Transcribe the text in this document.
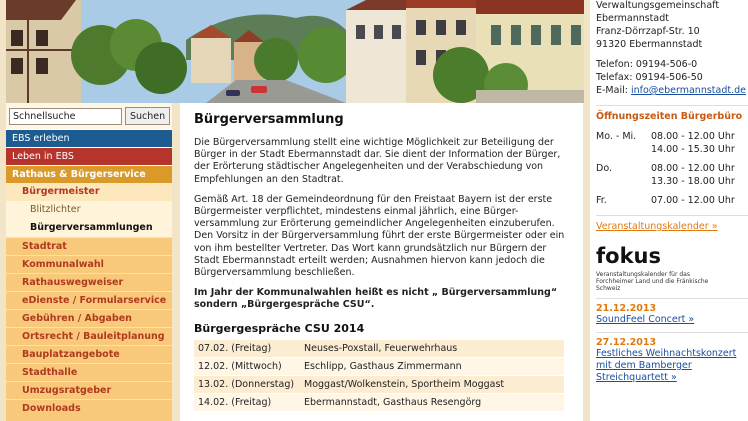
Schnellsuche
Suchen
EBS erleben
Leben in EBS
Rathaus & Bürgerservice
Bürgermeister
Blitzlichter
Bürgerversammlungen
Stadtrat
Kommunalwahl
Rathauswegweiser
eDienste / Formularservice
Gebühren / Abgaben
Ortsrecht / Bauleitplanung
Bauplatzangebote
Stadthalle
Umzugsratgeber
Downloads
Bürgerversammlung

Die Bürgerversammlung stellt eine wichtige Möglichkeit zur Beteiligung der Bürger in der Stadt Ebermannstadt dar. Sie dient der Information der Bürger, der Erörterung städtischer Angelegenheiten und der Verabschiedung von Empfehlungen an den Stadtrat.

Gemäß Art. 18 der Gemeindeordnung für den Freistaat Bayern ist der erste Bürgermeister verpflichtet, mindestens einmal jährlich, eine Bürger-versammlung zur Erörterung gemeindlicher Angelegenheiten einzuberufen. Den Vorsitz in der Bürgerversammlung führt der erste Bürgermeister oder ein von ihm bestellter Vertreter. Das Wort kann grundsätzlich nur Bürgern der Stadt Ebermannstadt erteilt werden; Ausnahmen hiervon kann jedoch die Bürgerversammlung beschließen.

Im Jahr der Kommunalwahlen heißt es nicht „ Bürgerversammlung“ sondern „Bürgergespräche CSU“.

Bürgergespräche CSU 2014
07.02. (Freitag)	Neuses-Poxstall, Feuerwehrhaus
12.02. (Mittwoch)	Eschlipp, Gasthaus Zimmermann
13.02. (Donnerstag)	Moggast/Wolkenstein, Sportheim Moggast
14.02. (Freitag)	Ebermannstadt, Gasthaus Resengörg
Verwaltungsgemeinschaft
Ebermannstadt
Franz-Dörrzapf-Str. 10
91320 Ebermannstadt
Telefon: 09194-506-0
Telefax: 09194-506-50
E-Mail: info@ebermannstadt.de
Öffnungszeiten Bürgerbüro
Mo. - Mi.	08.00 - 12.00 Uhr
14.00 - 15.30 Uhr
Do.	08.00 - 12.00 Uhr
13.30 - 18.00 Uhr
Fr.	07.00 - 12.00 Uhr
Veranstaltungskalender »
fokus
Veranstaltungskalender für das Forchheimer Land und die Fränkische Schweiz
21.12.2013
SoundFeel Concert »
27.12.2013
Festliches Weihnachtskonzert mit dem Bamberger Streichquartett »
